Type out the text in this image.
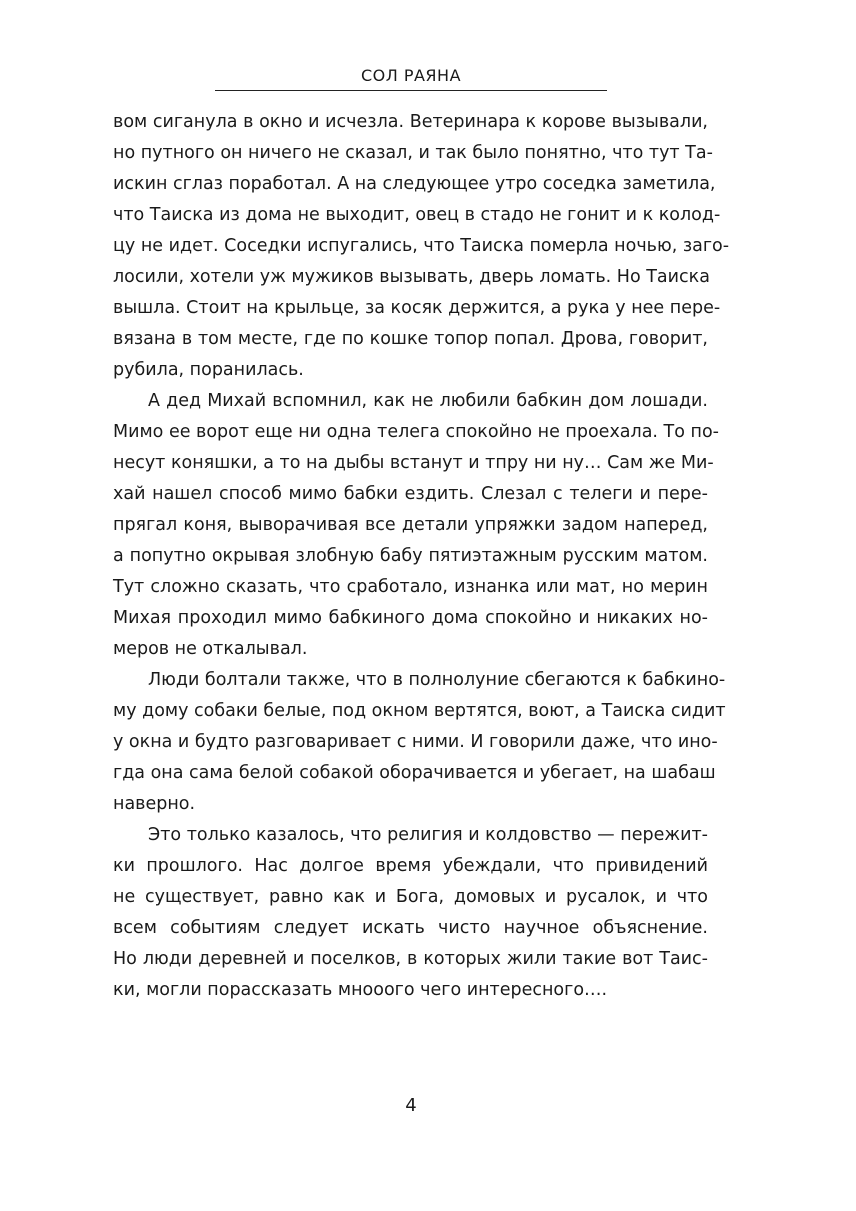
СОЛ РАЯНА
вом сиганула в окно и исчезла. Ветеринара к корове вызывали,
но путного он ничего не сказал, и так было понятно, что тут Та-
искин сглаз поработал. А на следующее утро соседка заметила,
что Таиска из дома не выходит, овец в стадо не гонит и к колод-
цу не идет. Соседки испугались, что Таиска померла ночью, заго-
лосили, хотели уж мужиков вызывать, дверь ломать. Но Таиска
вышла. Стоит на крыльце, за косяк держится, а рука у нее пере-
вязана в том месте, где по кошке топор попал. Дрова, говорит,
рубила, поранилась.
А дед Михай вспомнил, как не любили бабкин дом лошади.
Мимо ее ворот еще ни одна телега спокойно не проехала. То по-
несут коняшки, а то на дыбы встанут и тпру ни ну… Сам же Ми-
хай нашел способ мимо бабки ездить. Слезал с телеги и пере-
прягал коня, выворачивая все детали упряжки задом наперед,
а попутно окрывая злобную бабу пятиэтажным русским матом.
Тут сложно сказать, что сработало, изнанка или мат, но мерин
Михая проходил мимо бабкиного дома спокойно и никаких но-
меров не откалывал.
Люди болтали также, что в полнолуние сбегаются к бабкино-
му дому собаки белые, под окном вертятся, воют, а Таиска сидит
у окна и будто разговаривает с ними. И говорили даже, что ино-
гда она сама белой собакой оборачивается и убегает, на шабаш
наверно.
Это только казалось, что религия и колдовство — пережит-
ки прошлого. Нас долгое время убеждали, что привидений
не существует, равно как и Бога, домовых и русалок, и что
всем событиям следует искать чисто научное объяснение.
Но люди деревней и поселков, в которых жили такие вот Таис-
ки, могли порассказать мнооого чего интересного….
4
